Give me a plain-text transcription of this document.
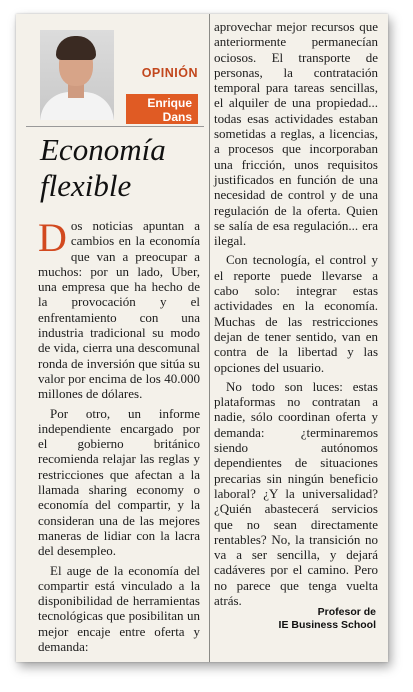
OPINIÓN
Enrique
Dans
Economía
flexible

Dos noticias apuntan a cambios en la economía que van a preocupar a muchos: por un lado, Uber, una empresa que ha hecho de la provocación y el enfrentamiento con una industria tradicional su modo de vida, cierra una descomunal ronda de inversión que sitúa su valor por encima de los 40.000 millones de dólares.

Por otro, un informe independiente encargado por el gobierno británico recomienda relajar las reglas y restricciones que afectan a la llamada sharing economy o economía del compartir, y la consideran una de las mejores maneras de lidiar con la lacra del desempleo.

El auge de la economía del compartir está vinculado a la disponibilidad de herramientas tecnológicas que posibilitan un mejor encaje entre oferta y demanda:

aprovechar mejor recursos que anteriormente permanecían ociosos. El transporte de personas, la contratación temporal para tareas sencillas, el alquiler de una propiedad... todas esas actividades estaban sometidas a reglas, a licencias, a procesos que incorporaban una fricción, unos requisitos justificados en función de una necesidad de control y de una regulación de la oferta. Quien se salía de esa regulación... era ilegal.

Con tecnología, el control y el reporte puede llevarse a cabo solo: integrar estas actividades en la economía. Muchas de las restricciones dejan de tener sentido, van en contra de la libertad y las opciones del usuario.

No todo son luces: estas plataformas no contratan a nadie, sólo coordinan oferta y demanda: ¿terminaremos siendo autónomos dependientes de situaciones precarias sin ningún beneficio laboral? ¿Y la universalidad? ¿Quién abastecerá servicios que no sean directamente rentables? No, la transición no va a ser sencilla, y dejará cadáveres por el camino. Pero no parece que tenga vuelta atrás.

Profesor de
IE Business School
